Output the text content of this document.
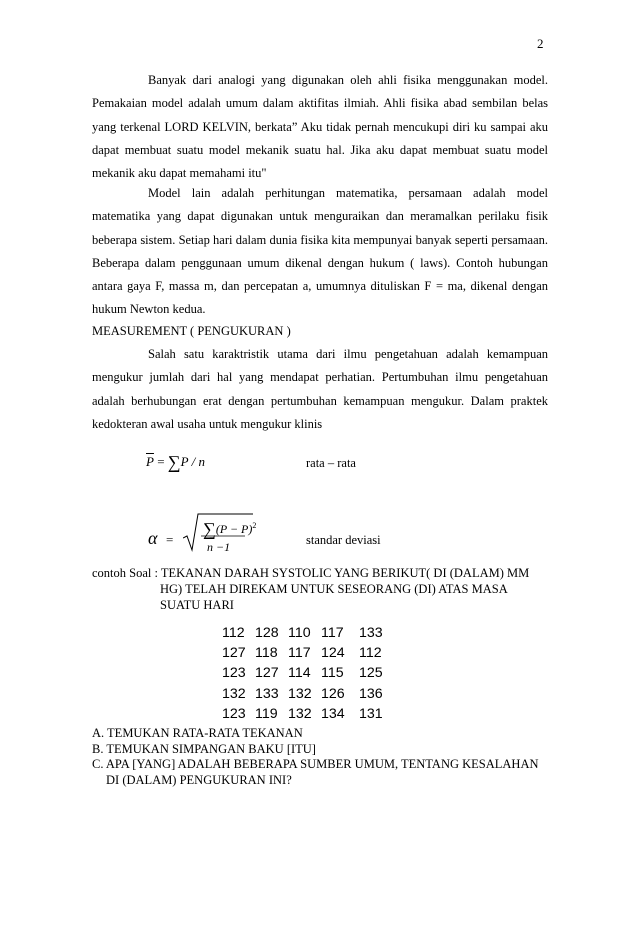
2

Banyak dari analogi yang digunakan oleh ahli fisika menggunakan model.

Pemakaian model adalah umum dalam aktifitas ilmiah. Ahli fisika abad sembilan belas

yang terkenal LORD KELVIN, berkata” Aku tidak pernah mencukupi diri ku sampai aku

dapat membuat suatu model mekanik suatu hal. Jika aku dapat membuat suatu model

mekanik aku dapat memahami itu"

Model lain adalah perhitungan matematika, persamaan adalah model

matematika yang dapat digunakan untuk menguraikan dan meramalkan perilaku fisik

beberapa sistem. Setiap hari dalam dunia fisika kita mempunyai banyak seperti persamaan.

Beberapa dalam penggunaan umum dikenal dengan hukum ( laws). Contoh hubungan

antara gaya F, massa m, dan percepatan a, umumnya dituliskan F = ma, dikenal dengan

hukum Newton kedua.

MEASUREMENT ( PENGUKURAN )

Salah satu karaktristik utama dari ilmu pengetahuan adalah kemampuan

mengukur jumlah dari hal yang mendapat perhatian. Pertumbuhan ilmu pengetahuan

adalah berhubungan erat dengan pertumbuhan kemampuan mengukur. Dalam praktek

kedokteran awal usaha untuk mengukur klinis

$\overline{P} = \sum P / n$	rata – rata
α =
$\sum(P - P)^2$
n −1	standar deviasi
contoh Soal : TEKANAN DARAH SYSTOLIC YANG BERIKUT( DI (DALAM) MM
HG) TELAH DIREKAM UNTUK SESEORANG (DI) ATAS MASA
SUATU HARI
112 128 110 117	133
127 118 117 124	112
123 127 114 115	125
132 133 132 126	136
123 119 132 134	131
A. TEMUKAN RATA-RATA TEKANAN
B. TEMUKAN SIMPANGAN BAKU [ITU]
C. APA [YANG] ADALAH BEBERAPA SUMBER UMUM, TENTANG KESALAHAN
DI (DALAM) PENGUKURAN INI?
